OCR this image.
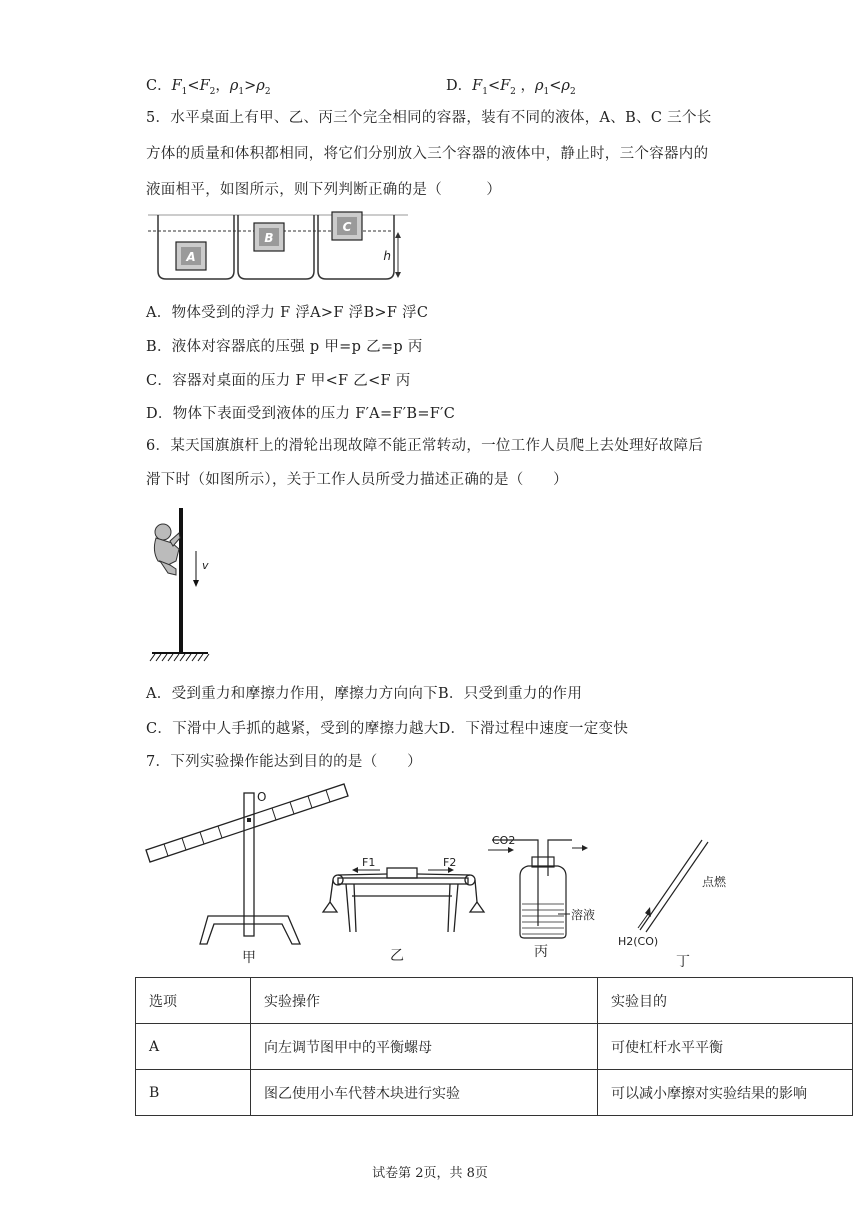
C．$F_1<F_2$，$\rho_1>\rho_2$	D．$F_1<F_2$ ，$\rho_1<\rho_2$
5．水平桌面上有甲、乙、丙三个完全相同的容器，装有不同的液体，A、B、C 三个长
方体的质量和体积都相同，将它们分别放入三个容器的液体中，静止时，三个容器内的
液面相平，如图所示，则下列判断正确的是（　　　）
A
B
C
h
A．物体受到的浮力 F 浮A>F 浮B>F 浮C
B．液体对容器底的压强 p 甲=p 乙=p 丙
C．容器对桌面的压力 F 甲<F 乙<F 丙
D．物体下表面受到液体的压力 F′A=F′B=F′C
6．某天国旗旗杆上的滑轮出现故障不能正常转动，一位工作人员爬上去处理好故障后
滑下时（如图所示），关于工作人员所受力描述正确的是（　　）
v
A．受到重力和摩擦力作用，摩擦力方向向下B．只受到重力的作用
C．下滑中人手抓的越紧，受到的摩擦力越大D．下滑过程中速度一定变快
7．下列实验操作能达到目的的是（　　）
O
甲
F1	F2
乙
CO2
溶液
丙
点燃
H2(CO)
丁
选项	实验操作	实验目的
A	向左调节图甲中的平衡螺母	可使杠杆水平平衡
B	图乙使用小车代替木块进行实验	可以减小摩擦对实验结果的影响
试卷第 2页，共 8页
